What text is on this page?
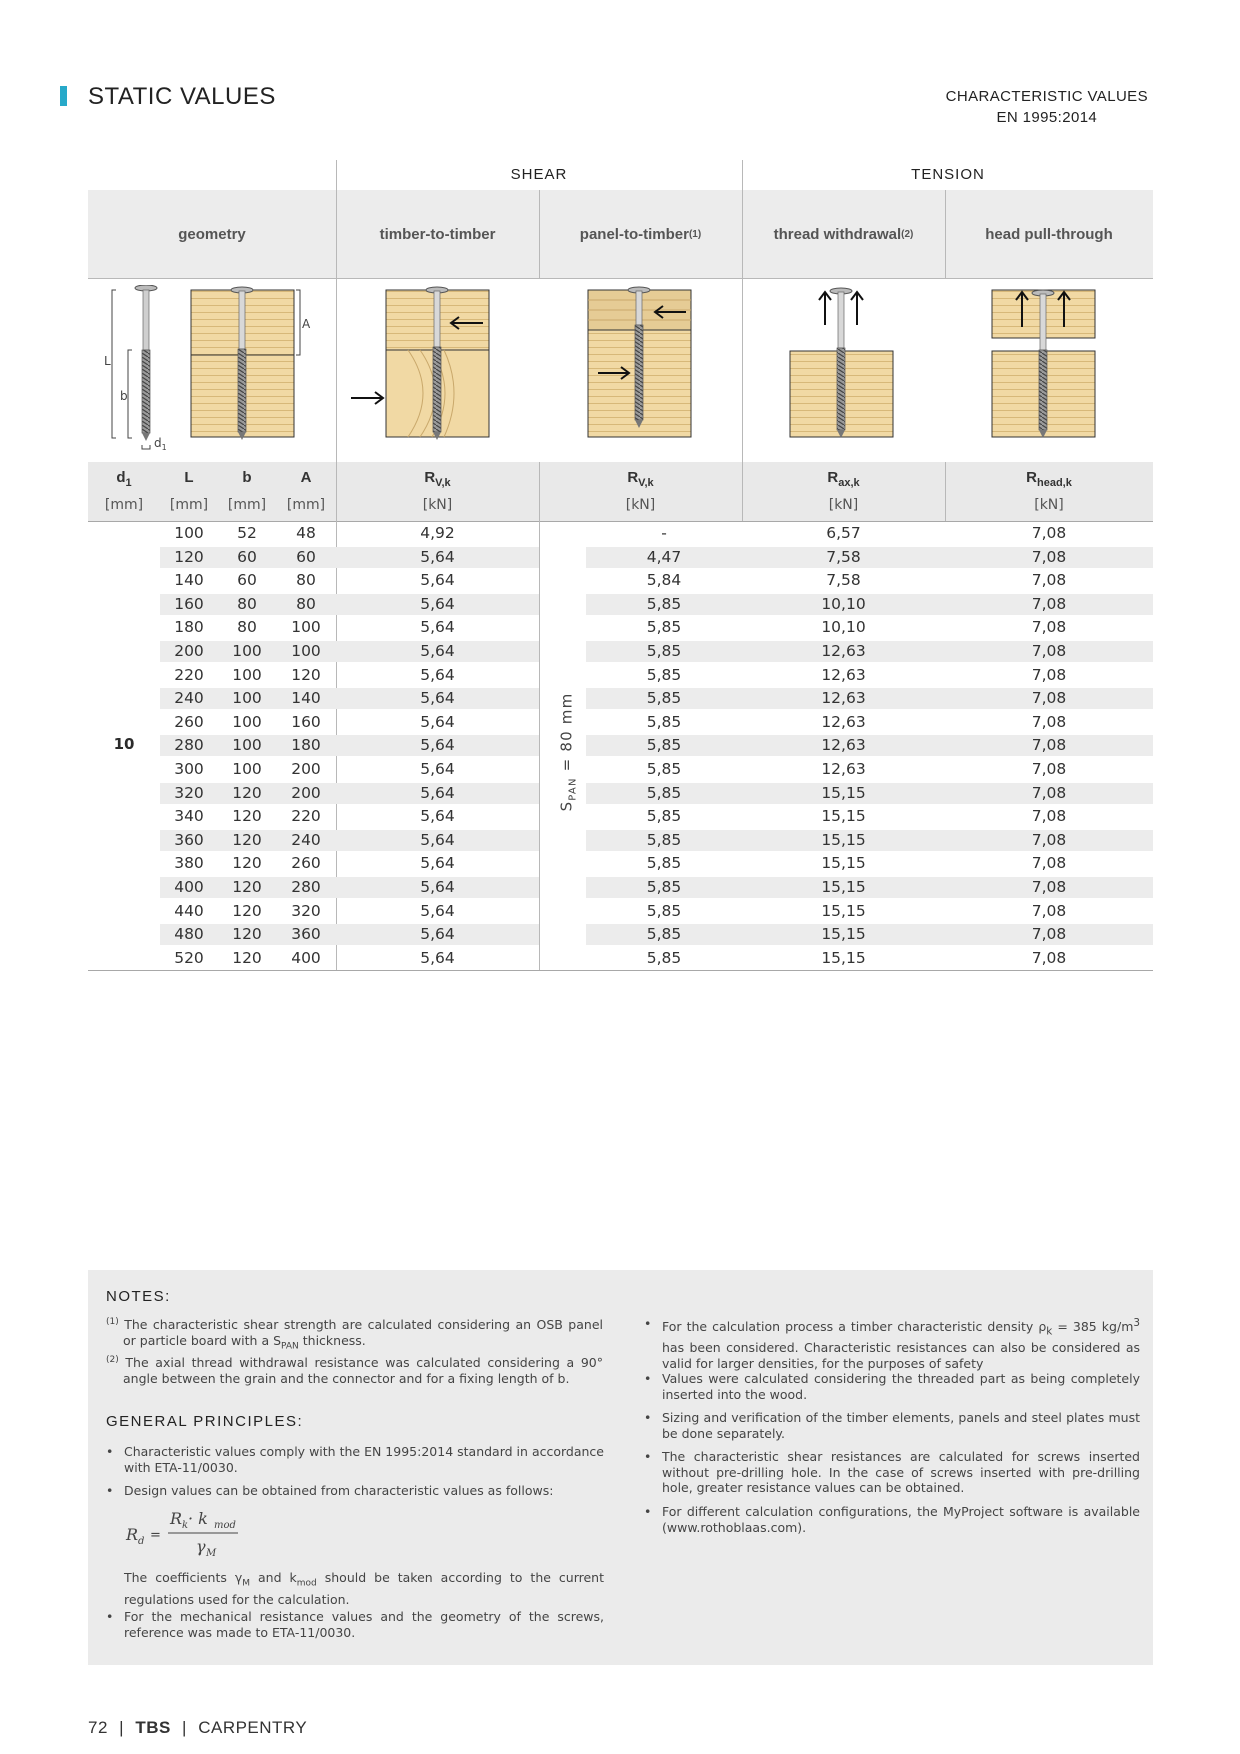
STATIC VALUES	CHARACTERISTIC VALUES
EN 1995:2014
SHEAR	TENSION
geometry	timber-to-timber	panel-to-timber (1)	thread withdrawal (2)	head pull-through
L
b
$d_1$
A
$d_1$	L	b	A	$R_{V,k}$	$R_{V,k}$	$R_{ax,k}$	$R_{head,k}$
[mm]	[mm]	[mm]	[mm]	[kN]	[kN]	[kN]	[kN]
100	52	48	4,92	-	6,57	7,08
120	60	60	5,64	4,47	7,58	7,08
140	60	80	5,64	5,84	7,58	7,08
160	80	80	5,64	5,85	10,10	7,08
180	80	100	5,64	5,85	10,10	7,08
200	100	100	5,64	5,85	12,63	7,08
220	100	120	5,64	5,85	12,63	7,08
240	100	140	5,64	5,85	12,63	7,08
260	100	160	5,64	5,85	12,63	7,08
280	100	180	5,64	5,85	12,63	7,08
300	100	200	5,64	5,85	12,63	7,08
320	120	200	5,64	5,85	15,15	7,08
340	120	220	5,64	5,85	15,15	7,08
360	120	240	5,64	5,85	15,15	7,08
380	120	260	5,64	5,85	15,15	7,08
400	120	280	5,64	5,85	15,15	7,08
440	120	320	5,64	5,85	15,15	7,08
480	120	360	5,64	5,85	15,15	7,08
520	120	400	5,64	5,85	15,15	7,08
10
$S_{PAN} = 80$ mm
NOTES:
$^{(1)}$ The characteristic shear strength are calculated considering an OSB panel or particle board with a $S_{PAN}$ thickness.
$^{(2)}$ The axial thread withdrawal resistance was calculated considering a 90° angle between the grain and the connector and for a fixing length of b.
GENERAL PRINCIPLES:
• Characteristic values comply with the EN 1995:2014 standard in accordance with ETA-11/0030.
• Design values can be obtained from characteristic values as follows:
R d =
R k · k mod
γ M
The coefficients $\gamma_M$ and $k_{mod}$ should be taken according to the current regulations used for the calculation.
• For the mechanical resistance values and the geometry of the screws, reference was made to ETA-11/0030.
• For the calculation process a timber characteristic density $\rho_k = 385$ $kg/m^3$ has been considered. Characteristic resistances can also be considered as valid for larger densities, for the purposes of safety
• Values were calculated considering the threaded part as being completely inserted into the wood.
• Sizing and verification of the timber elements, panels and steel plates must be done separately.
• The characteristic shear resistances are calculated for screws inserted without pre-drilling hole. In the case of screws inserted with pre-drilling hole, greater resistance values can be obtained.
• For different calculation configurations, the MyProject software is available (www.rothoblaas.com).
72 | TBS | CARPENTRY
